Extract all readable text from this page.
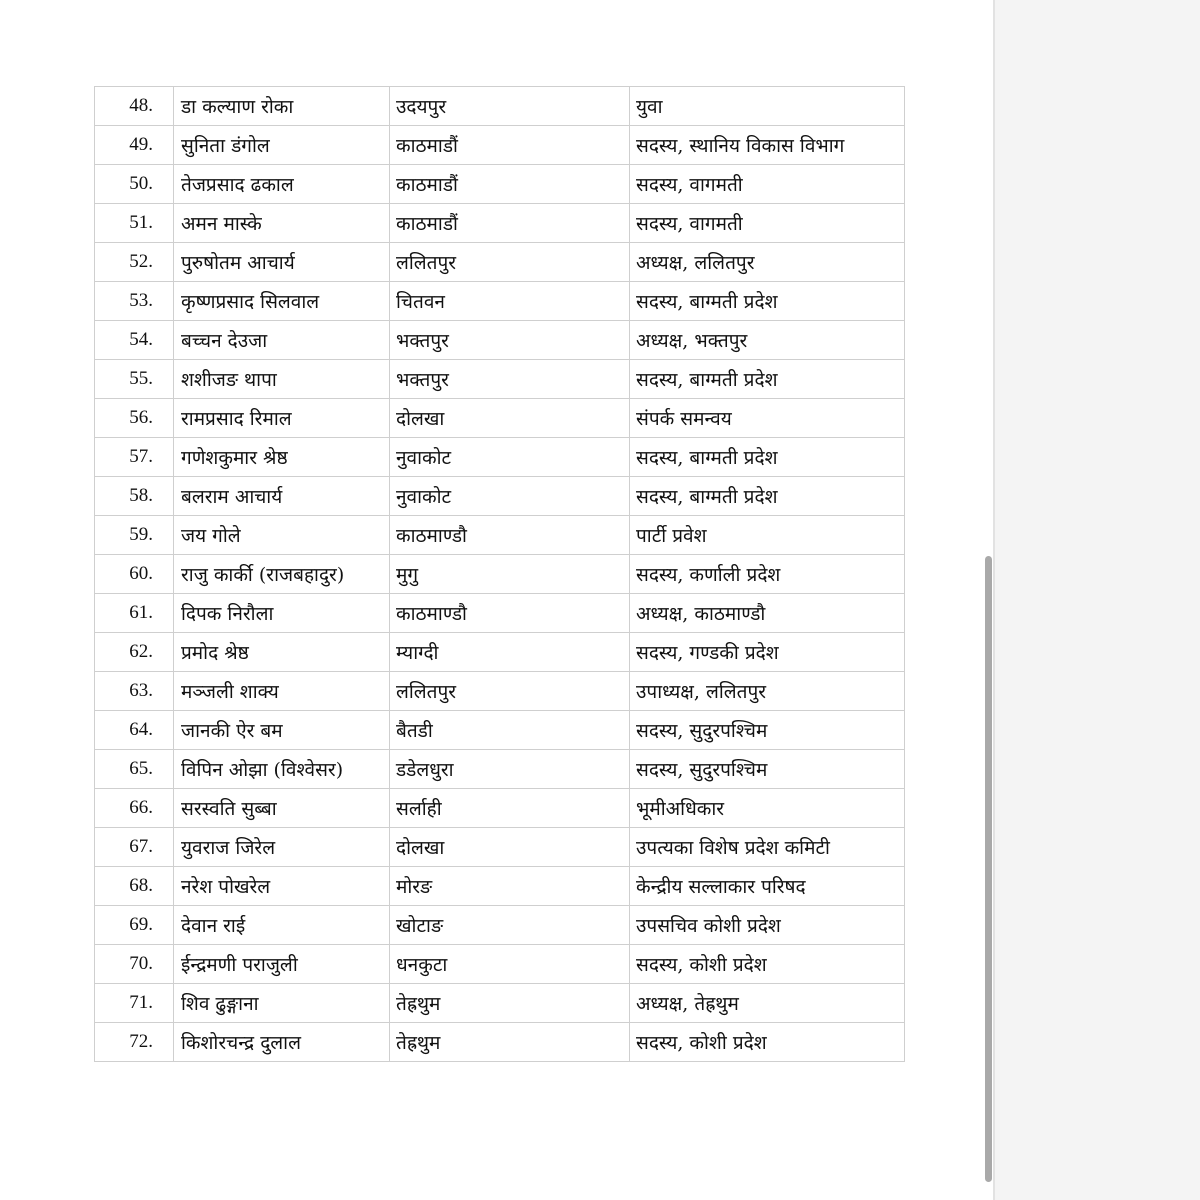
48.	डा कल्याण रोका	उदयपुर	युवा
49.	सुनिता डंगोल	काठमाडौं	सदस्य, स्थानिय विकास विभाग
50.	तेजप्रसाद ढकाल	काठमाडौं	सदस्य, वागमती
51.	अमन मास्के	काठमाडौं	सदस्य, वागमती
52.	पुरुषोतम आचार्य	ललितपुर	अध्यक्ष, ललितपुर
53.	कृष्णप्रसाद सिलवाल	चितवन	सदस्य, बाग्मती प्रदेश
54.	बच्चन देउजा	भक्तपुर	अध्यक्ष, भक्तपुर
55.	शशीजङ थापा	भक्तपुर	सदस्य, बाग्मती प्रदेश
56.	रामप्रसाद रिमाल	दोलखा	संपर्क समन्वय
57.	गणेशकुमार श्रेष्ठ	नुवाकोट	सदस्य, बाग्मती प्रदेश
58.	बलराम आचार्य	नुवाकोट	सदस्य, बाग्मती प्रदेश
59.	जय गोले	काठमाण्डौ	पार्टी प्रवेश
60.	राजु कार्की (राजबहादुर)	मुगु	सदस्य, कर्णाली प्रदेश
61.	दिपक निरौला	काठमाण्डौ	अध्यक्ष, काठमाण्डौ
62.	प्रमोद श्रेष्ठ	म्याग्दी	सदस्य, गण्डकी प्रदेश
63.	मञ्जली शाक्य	ललितपुर	उपाध्यक्ष, ललितपुर
64.	जानकी ऐर बम	बैतडी	सदस्य, सुदुरपश्चिम
65.	विपिन ओझा (विश्वेसर)	डडेलधुरा	सदस्य, सुदुरपश्चिम
66.	सरस्वति सुब्बा	सर्लाही	भूमीअधिकार
67.	युवराज जिरेल	दोलखा	उपत्यका विशेष प्रदेश कमिटी
68.	नरेश पोखरेल	मोरङ	केन्द्रीय सल्लाकार परिषद
69.	देवान राई	खोटाङ	उपसचिव कोशी प्रदेश
70.	ईन्द्रमणी पराजुली	धनकुटा	सदस्य, कोशी प्रदेश
71.	शिव ढुङ्गाना	तेह्रथुम	अध्यक्ष, तेह्रथुम
72.	किशोरचन्द्र दुलाल	तेह्रथुम	सदस्य, कोशी प्रदेश
